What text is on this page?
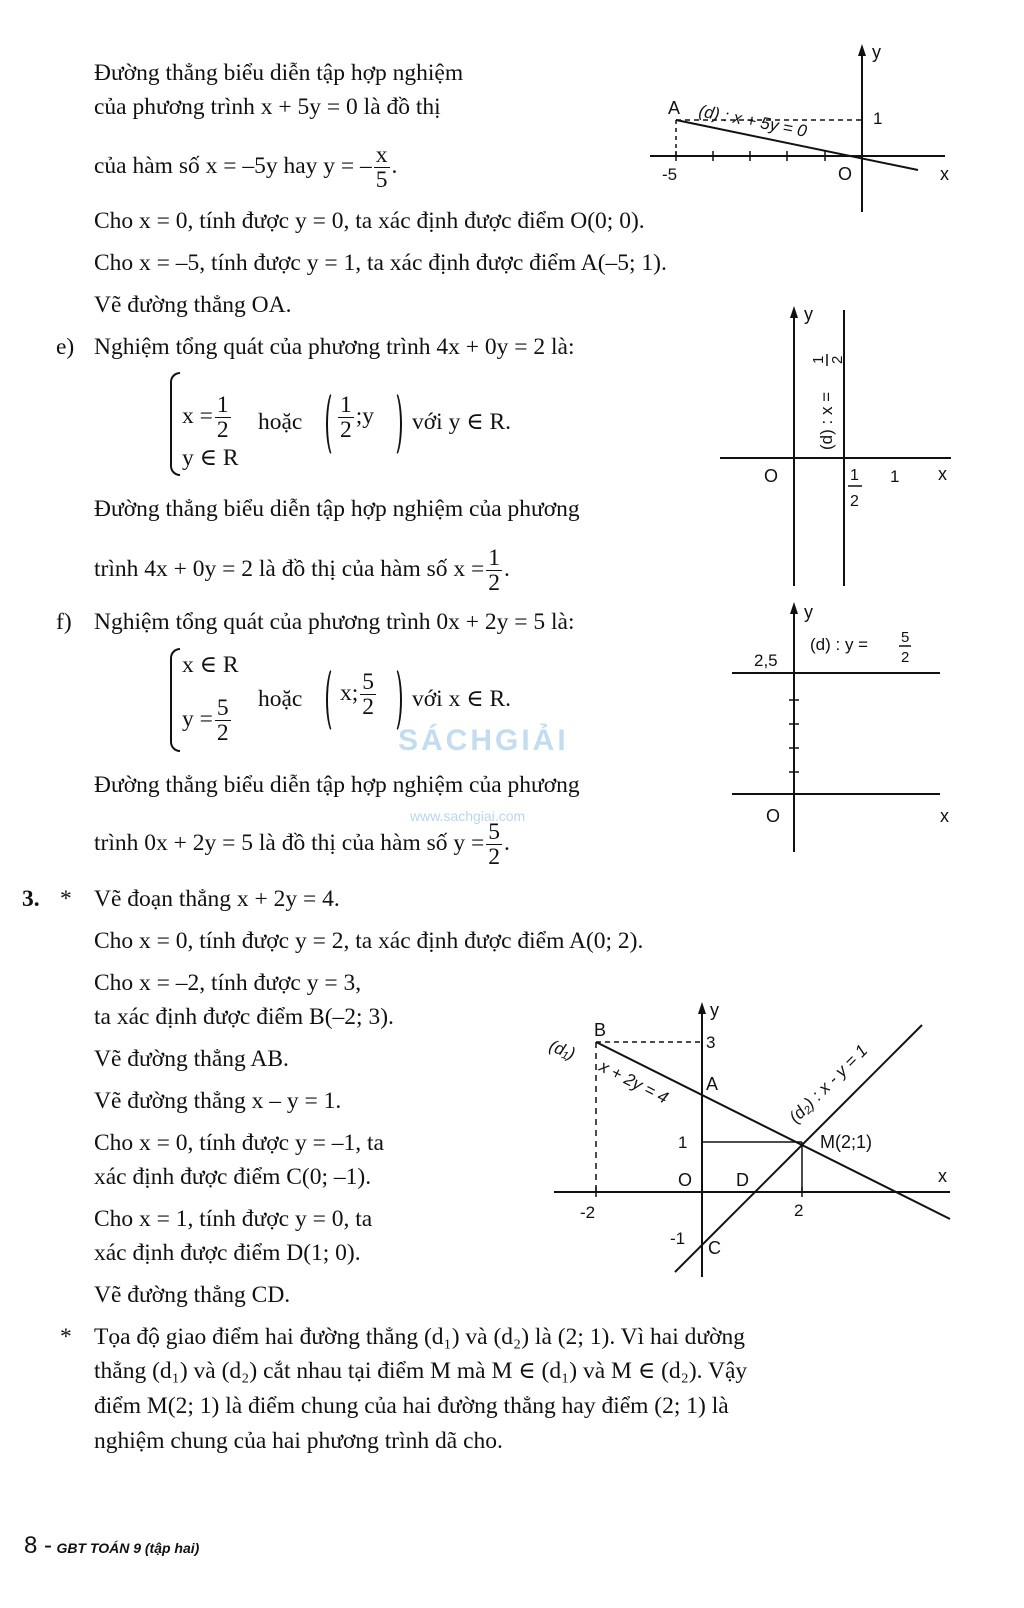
Đường thẳng biểu diễn tập hợp nghiệm
của phương trình x + 5y = 0 là đồ thị
của hàm số x = –5y hay y = – $\frac{x}{5}$ .
Cho x = 0, tính được y = 0, ta xác định được điểm O(0; 0).
Cho x = –5, tính được y = 1, ta xác định được điểm A(–5; 1).
Vẽ đường thẳng OA.
y
x
A (d) : x + 5y = 0	1
-5	O
e) Nghiệm tổng quát của phương trình 4x + 0y = 2 là:
$x = \frac{1}{2}$
y ∈ R
hoặc $\frac{1}{2}$ ;y với y ∈ R.
Đường thẳng biểu diễn tập hợp nghiệm của phương
trình 4x + 0y = 2 là đồ thị của hàm số $x = \frac{1}{2}$ .
y
x
O
(d) : x =
1 2
1
2
1
f) Nghiệm tổng quát của phương trình 0x + 2y = 5 là:
x ∈ R
$y = \frac{5}{2}$ hoặc x; $\frac{5}{2}$ với x ∈ R.
Đường thẳng biểu diễn tập hợp nghiệm của phương
trình 0x + 2y = 5 là đồ thị của hàm số $y = \frac{5}{2}$ .
y
(d) : y = 5
2
2,5
O	x
SÁCHGIẢI
www.sachgiai.com
3. * Vẽ đoạn thẳng x + 2y = 4.
Cho x = 0, tính được y = 2, ta xác định được điểm A(0; 2).
Cho x = –2, tính được y = 3,
ta xác định được điểm B(–2; 3).
Vẽ đường thẳng AB.
Vẽ đường thẳng x – y = 1.
Cho x = 0, tính được y = –1, ta
xác định được điểm C(0; –1).
Cho x = 1, tính được y = 0, ta
xác định được điểm D(1; 0).
Vẽ đường thẳng CD.
y
x
B
(d₁)
x + 2y = 4
3
A	(d₂) : x - y = 1
1	M(2;1)
O D
-2	2
-1 C
* Tọa độ giao điểm hai đường thẳng (d₁) và (d₂) là (2; 1). Vì hai dường
thẳng (d₁) và (d₂) cắt nhau tại điểm M mà M ∈ (d₁) và M ∈ (d₂). Vậy
điểm M(2; 1) là điểm chung của hai đường thẳng hay điểm (2; 1) là
nghiệm chung của hai phương trình dã cho.
8 - GBT TOÁN 9 (tập hai)
